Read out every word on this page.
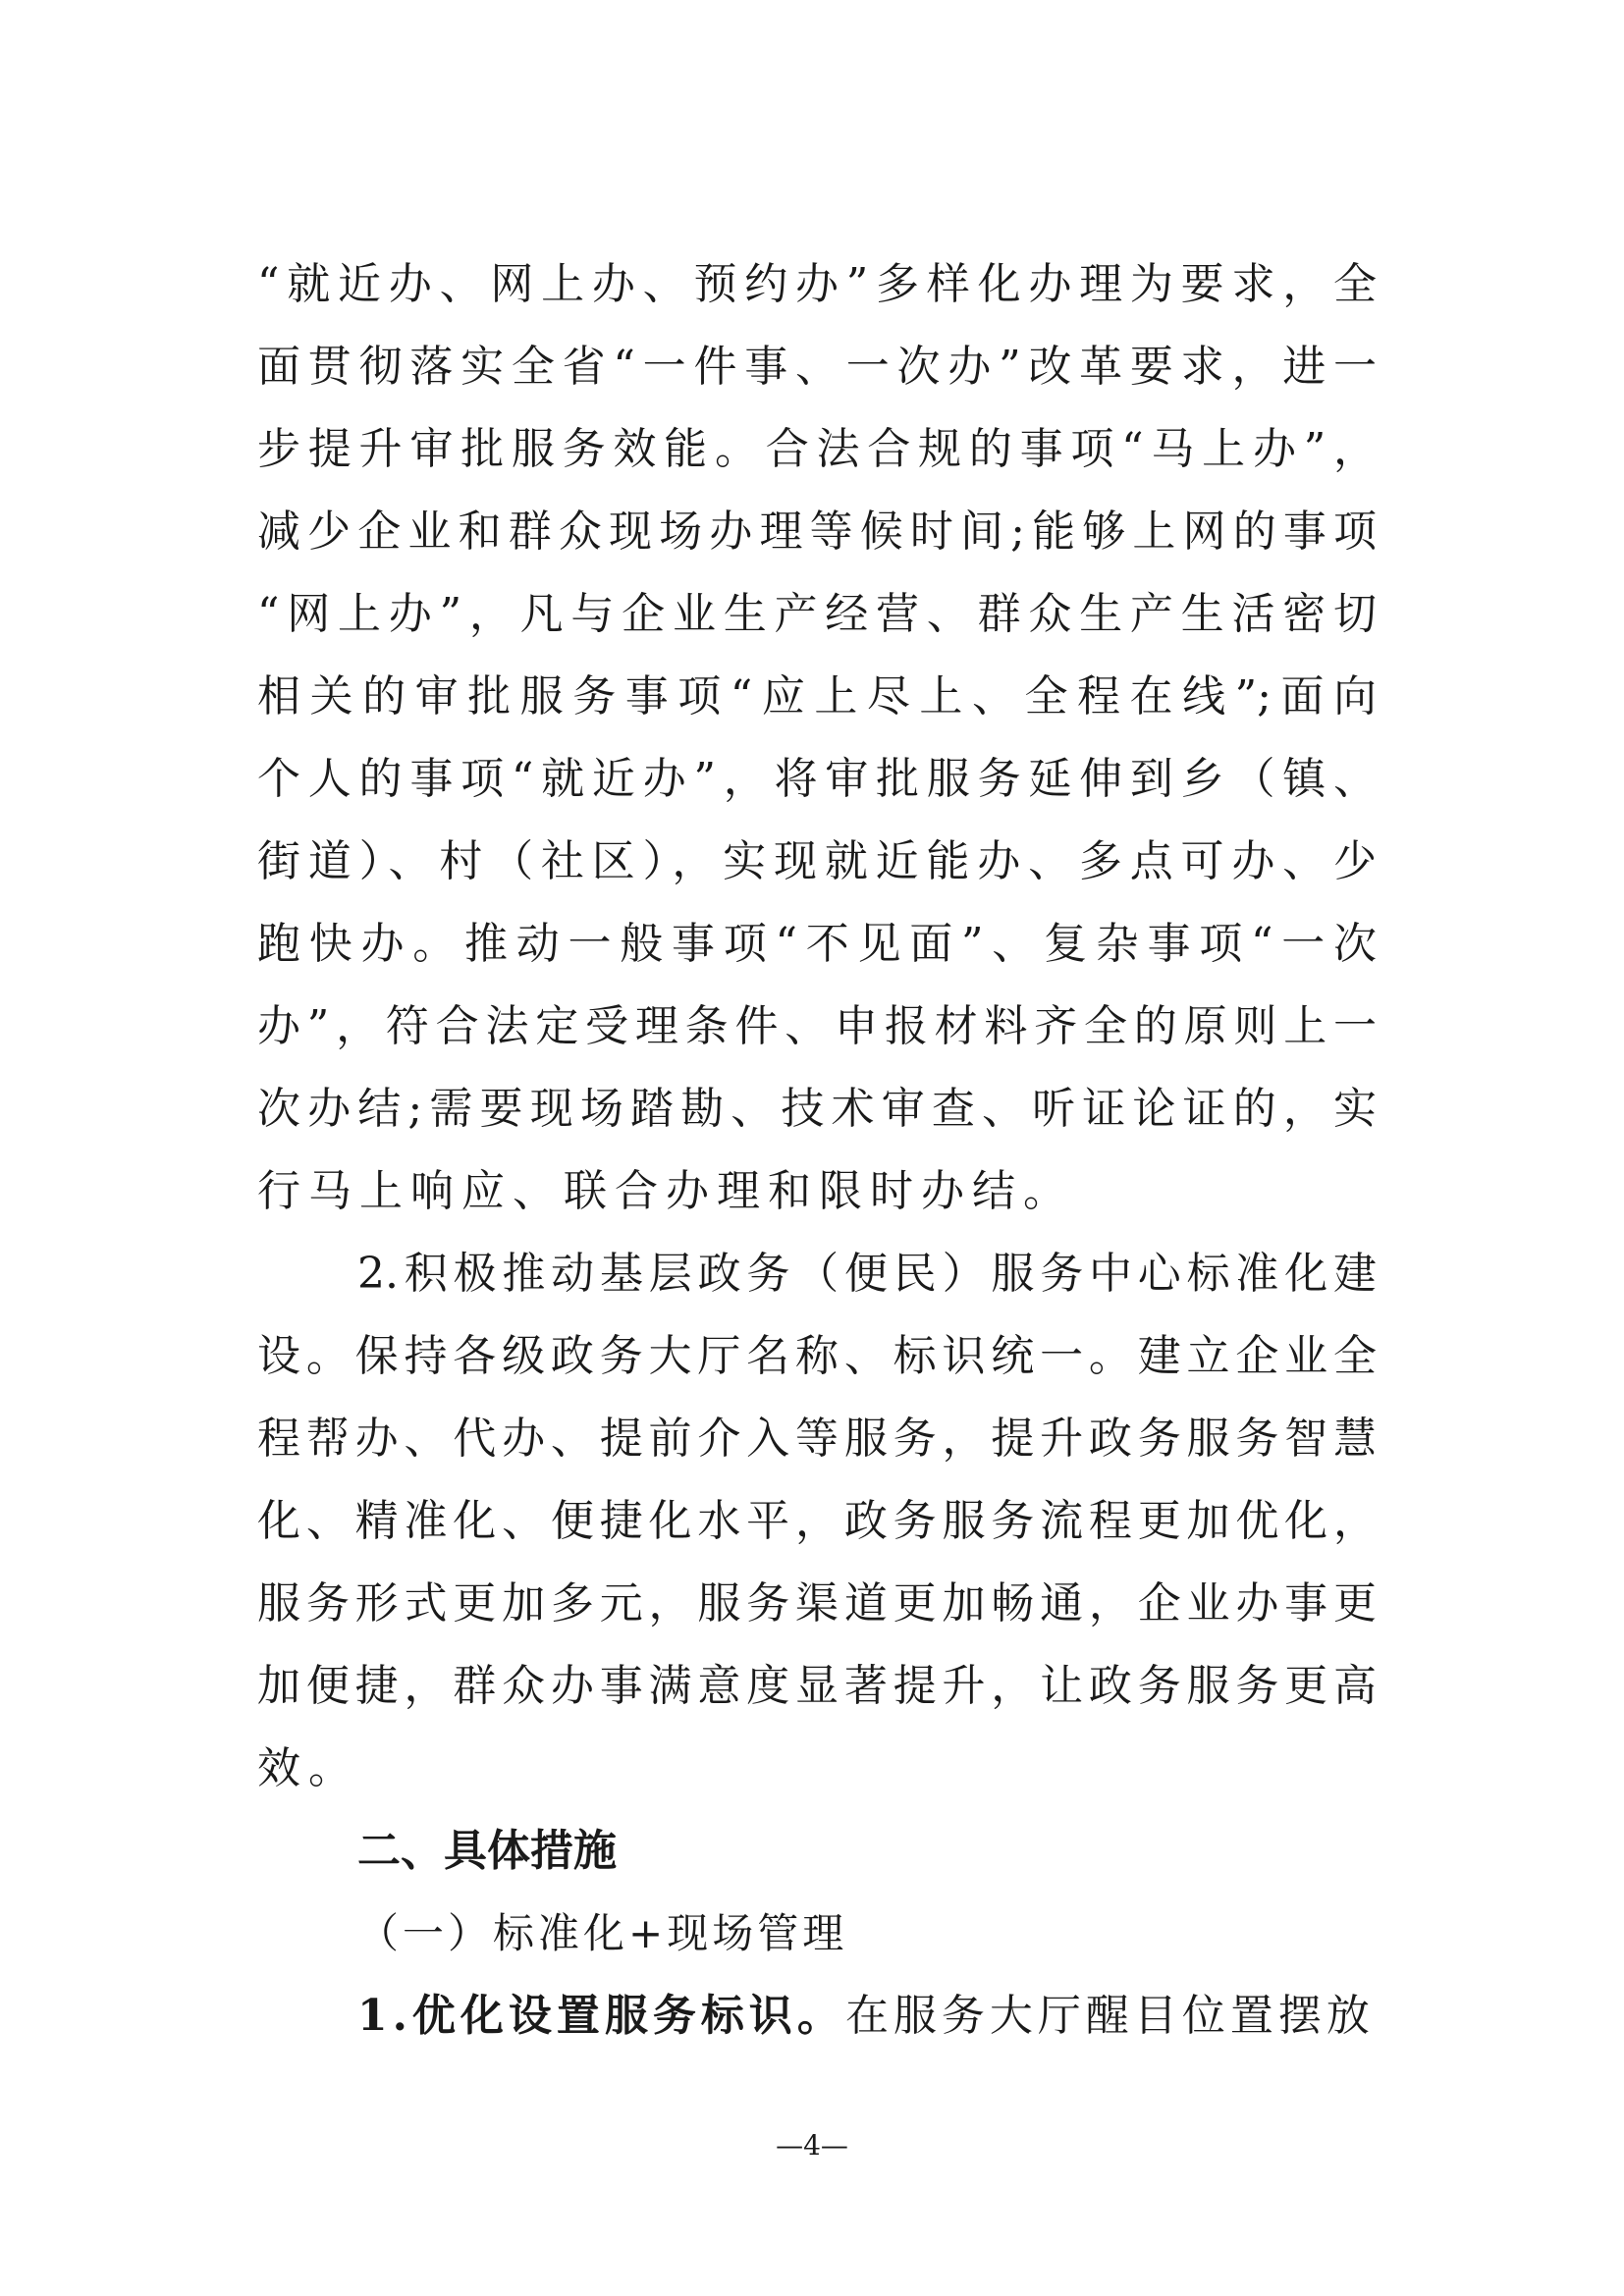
“就近办、网上办、预约办”多样化办理为要求，全
面贯彻落实全省“一件事、一次办”改革要求，进一
步提升审批服务效能。合法合规的事项“马上办”，
减少企业和群众现场办理等候时间;能够上网的事项
“网上办”，凡与企业生产经营、群众生产生活密切
相关的审批服务事项“应上尽上、全程在线”;面向
个人的事项“就近办”，将审批服务延伸到乡（镇、
街道）、村（社区），实现就近能办、多点可办、少
跑快办。推动一般事项“不见面”、复杂事项“一次
办”，符合法定受理条件、申报材料齐全的原则上一
次办结;需要现场踏勘、技术审查、听证论证的，实
行马上响应、联合办理和限时办结。
2.积极推动基层政务（便民）服务中心标准化建
设。保持各级政务大厅名称、标识统一。建立企业全
程帮办、代办、提前介入等服务，提升政务服务智慧
化、精准化、便捷化水平，政务服务流程更加优化，
服务形式更加多元，服务渠道更加畅通，企业办事更
加便捷，群众办事满意度显著提升，让政务服务更高
效。
二、具体措施
（一）标准化+现场管理
1.优化设置服务标识。在服务大厅醒目位置摆放
—4—
